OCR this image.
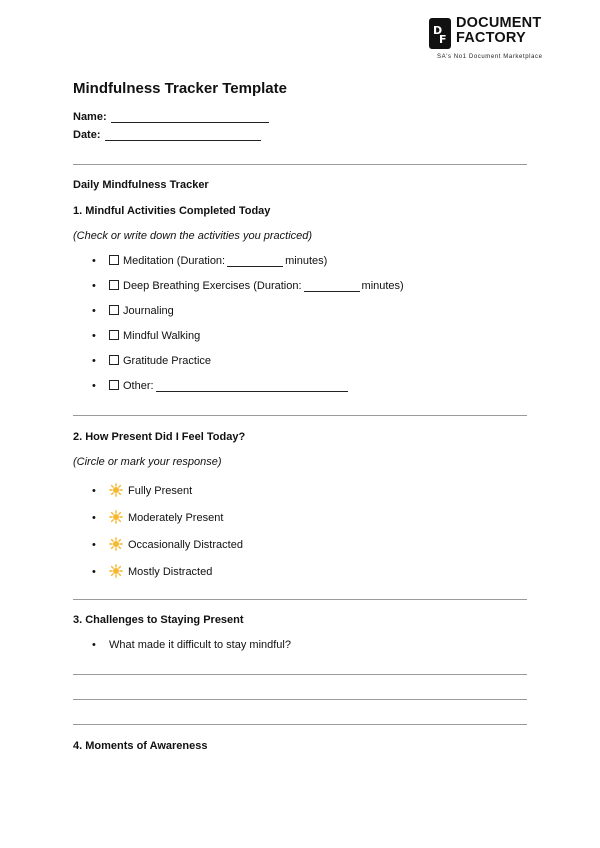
D
F
DOCUMENT
FACTORY
SA's No1 Document Marketplace
Mindfulness Tracker Template
Name:
Date:
Daily Mindfulness Tracker
1. Mindful Activities Completed Today
(Check or write down the activities you practiced)
• Meditation (Duration:	minutes)
• Deep Breathing Exercises (Duration:	minutes)
• Journaling
• Mindful Walking
• Gratitude Practice
• Other:
2. How Present Did I Feel Today?
(Circle or mark your response)
•	Fully Present
•	Moderately Present
•	Occasionally Distracted
•	Mostly Distracted
3. Challenges to Staying Present
• What made it difficult to stay mindful?
4. Moments of Awareness
